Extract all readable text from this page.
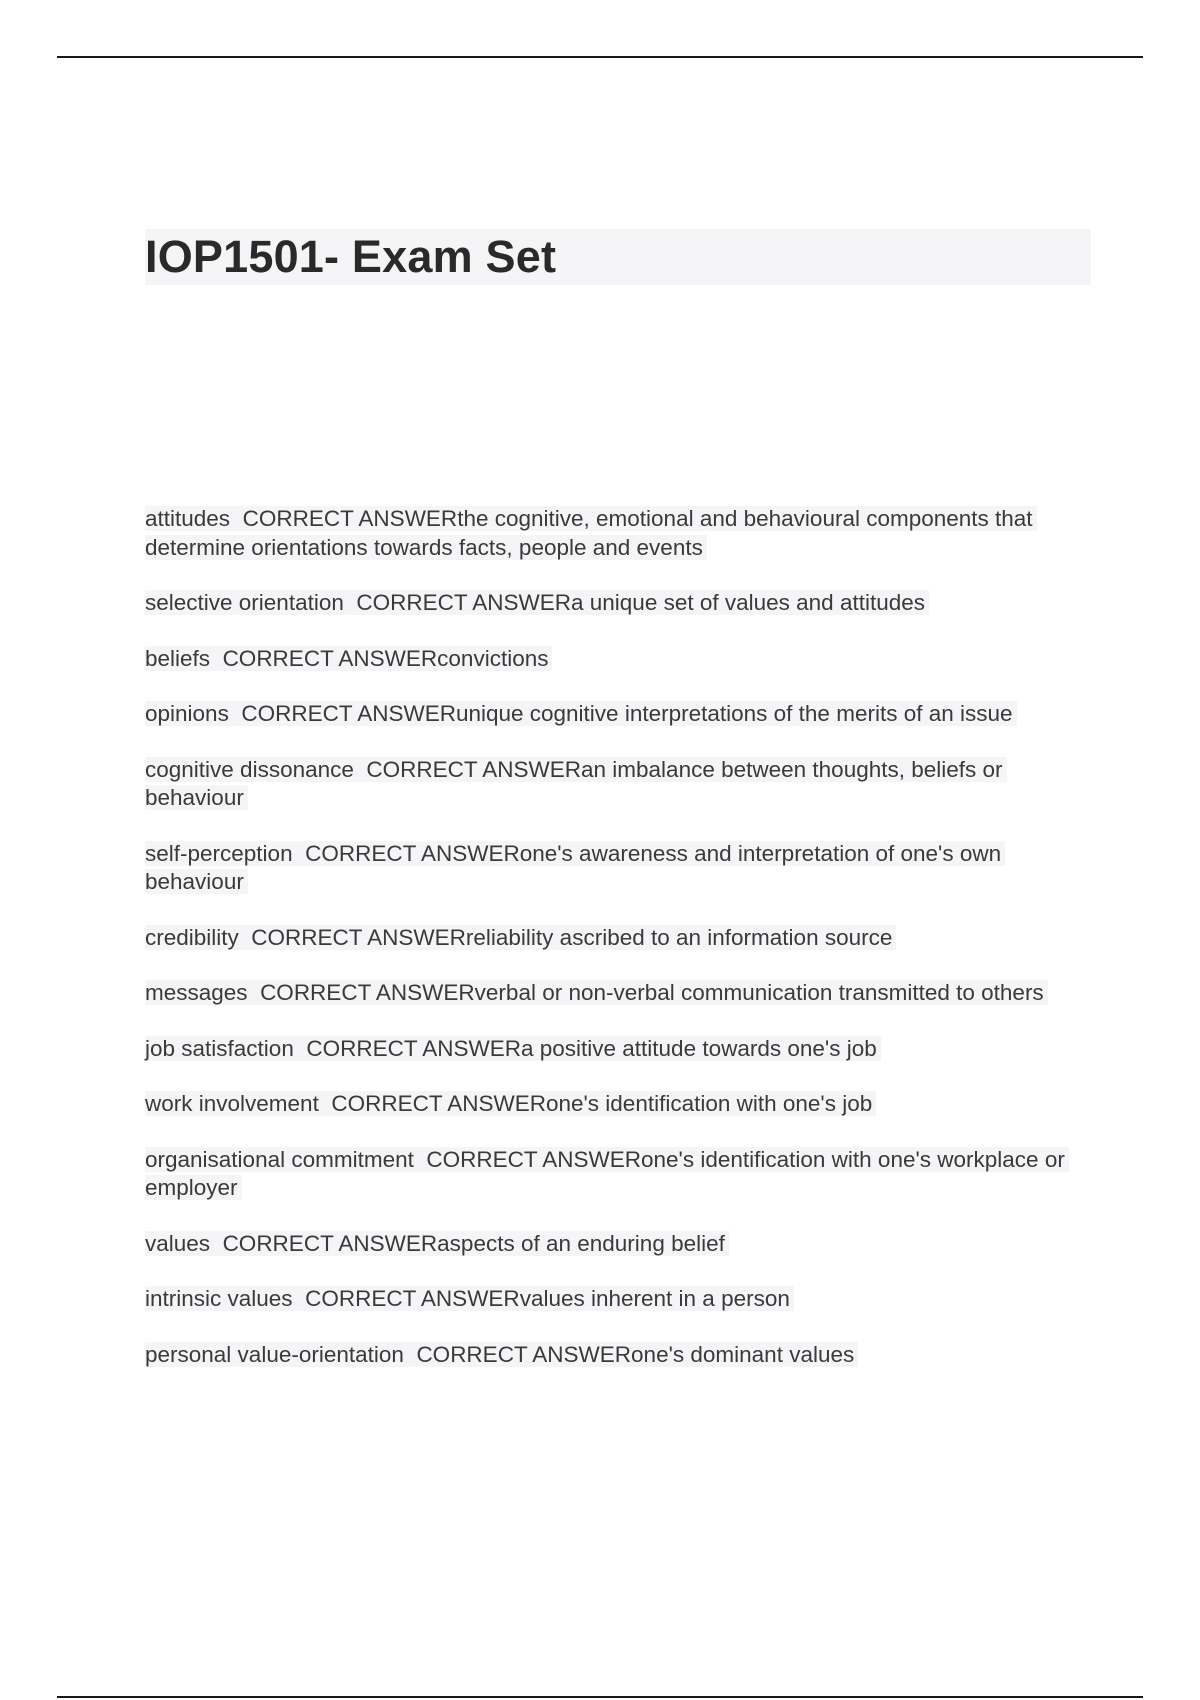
IOP1501- Exam Set

attitudes CORRECT ANSWERthe cognitive, emotional and behavioural components that determine orientations towards facts, people and events

selective orientation CORRECT ANSWERa unique set of values and attitudes

beliefs CORRECT ANSWERconvictions

opinions CORRECT ANSWERunique cognitive interpretations of the merits of an issue

cognitive dissonance CORRECT ANSWERan imbalance between thoughts, beliefs or behaviour

self-perception CORRECT ANSWERone's awareness and interpretation of one's own behaviour

credibility CORRECT ANSWERreliability ascribed to an information source

messages CORRECT ANSWERverbal or non-verbal communication transmitted to others

job satisfaction CORRECT ANSWERa positive attitude towards one's job

work involvement CORRECT ANSWERone's identification with one's job

organisational commitment CORRECT ANSWERone's identification with one's workplace or employer

values CORRECT ANSWERaspects of an enduring belief

intrinsic values CORRECT ANSWERvalues inherent in a person

personal value-orientation CORRECT ANSWERone's dominant values
